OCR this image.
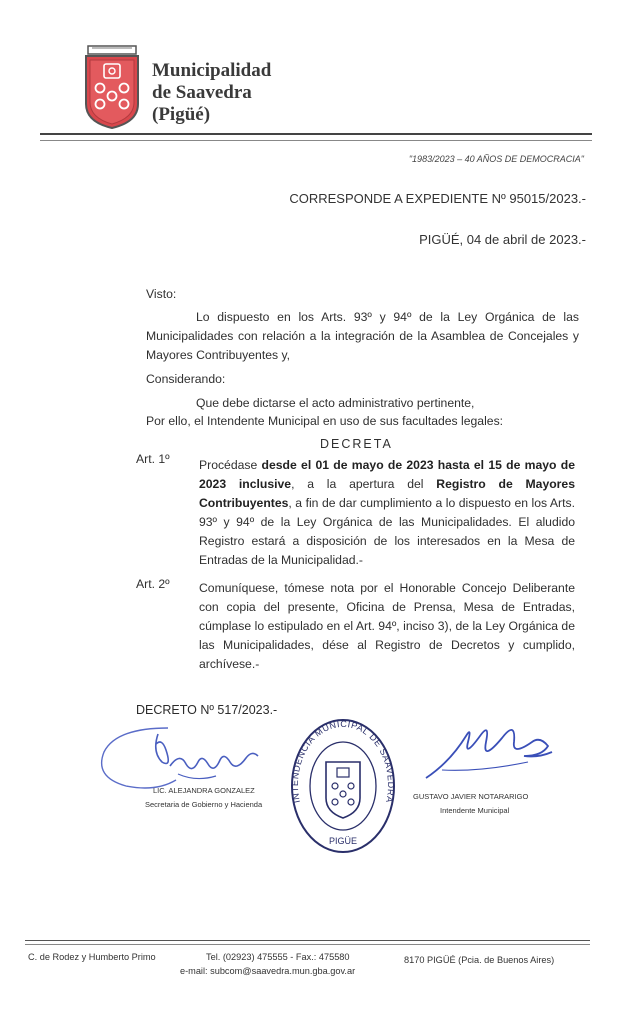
Municipalidad
de Saavedra
(Pigüé)
"1983/2023 – 40 AÑOS DE DEMOCRACIA"
CORRESPONDE A EXPEDIENTE Nº 95015/2023.-
PIGÜÉ, 04 de abril de 2023.-
Visto:
Lo dispuesto en los Arts. 93º y 94º de la Ley Orgánica de las Municipalidades con relación a la integración de la Asamblea de Concejales y Mayores Contribuyentes y,
Considerando:
Que debe dictarse el acto administrativo pertinente,
Por ello, el Intendente Municipal en uso de sus facultades legales:
DECRETA
Art. 1º Procédase desde el 01 de mayo de 2023 hasta el 15 de mayo de 2023 inclusive, a la apertura del Registro de Mayores Contribuyentes, a fin de dar cumplimiento a lo dispuesto en los Arts. 93º y 94º de la Ley Orgánica de las Municipalidades. El aludido Registro estará a disposición de los interesados en la Mesa de Entradas de la Municipalidad.-
Art. 2º Comuníquese, tómese nota por el Honorable Concejo Deliberante con copia del presente, Oficina de Prensa, Mesa de Entradas, cúmplase lo estipulado en el Art. 94º, inciso 3), de la Ley Orgánica de las Municipalidades, dése al Registro de Decretos y cumplido, archívese.-
DECRETO Nº 517/2023.-
LIC. ALEJANDRA GONZALEZ
Secretaria de Gobierno y Hacienda	INTENDENCIA MUNICIPAL DE SAAVEDRA
PIGÜE
GUSTAVO JAVIER NOTARARIGO
Intendente Municipal
C. de Rodez y Humberto Primo	Tel. (02923) 475555 - Fax.: 475580
e-mail: subcom@saavedra.mun.gba.gov.ar
8170 PIGÜÉ (Pcia. de Buenos Aires)
